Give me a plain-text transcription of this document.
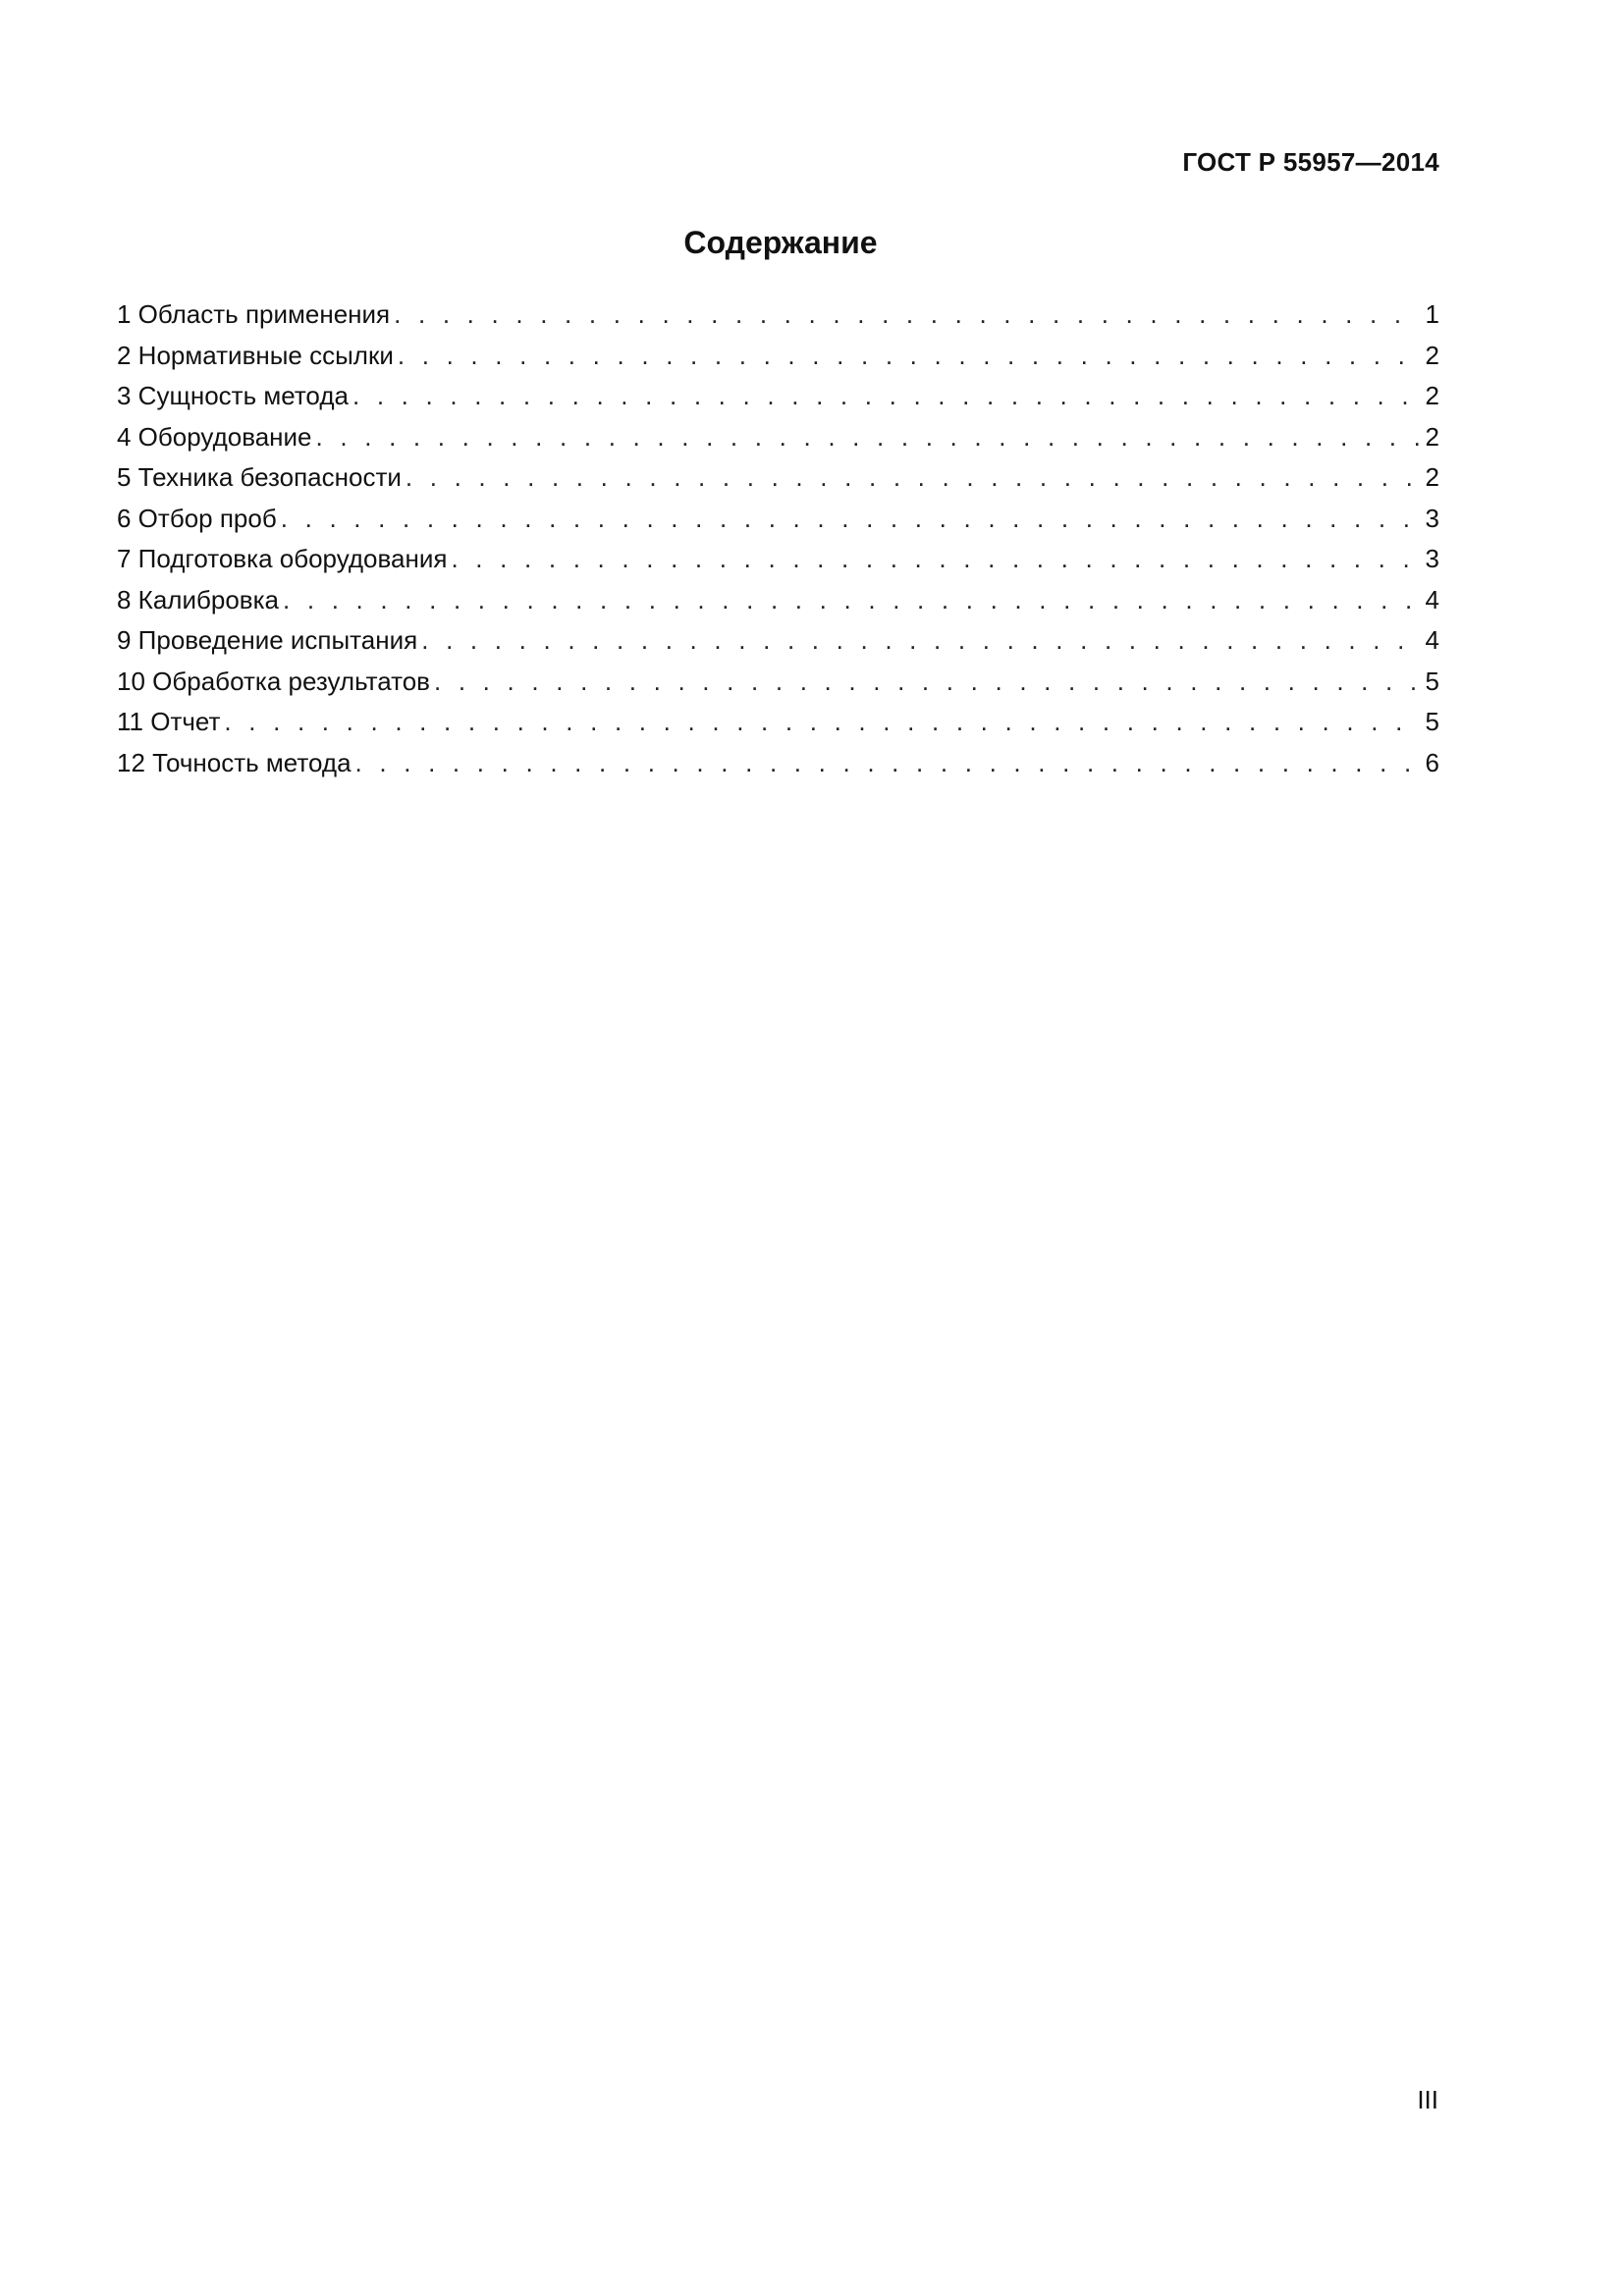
ГОСТ Р 55957—2014
Содержание
1 Область применения . . .	1
2 Нормативные ссылки . . .	2
3 Сущность метода . . .	2
4 Оборудование . . .	2
5 Техника безопасности . . .	2
6 Отбор проб . . .	3
7 Подготовка оборудования . . .	3
8 Калибровка . . .	4
9 Проведение испытания . . .	4
10 Обработка результатов . . .	5
11 Отчет . . .	5
12 Точность метода . . .	6
III
